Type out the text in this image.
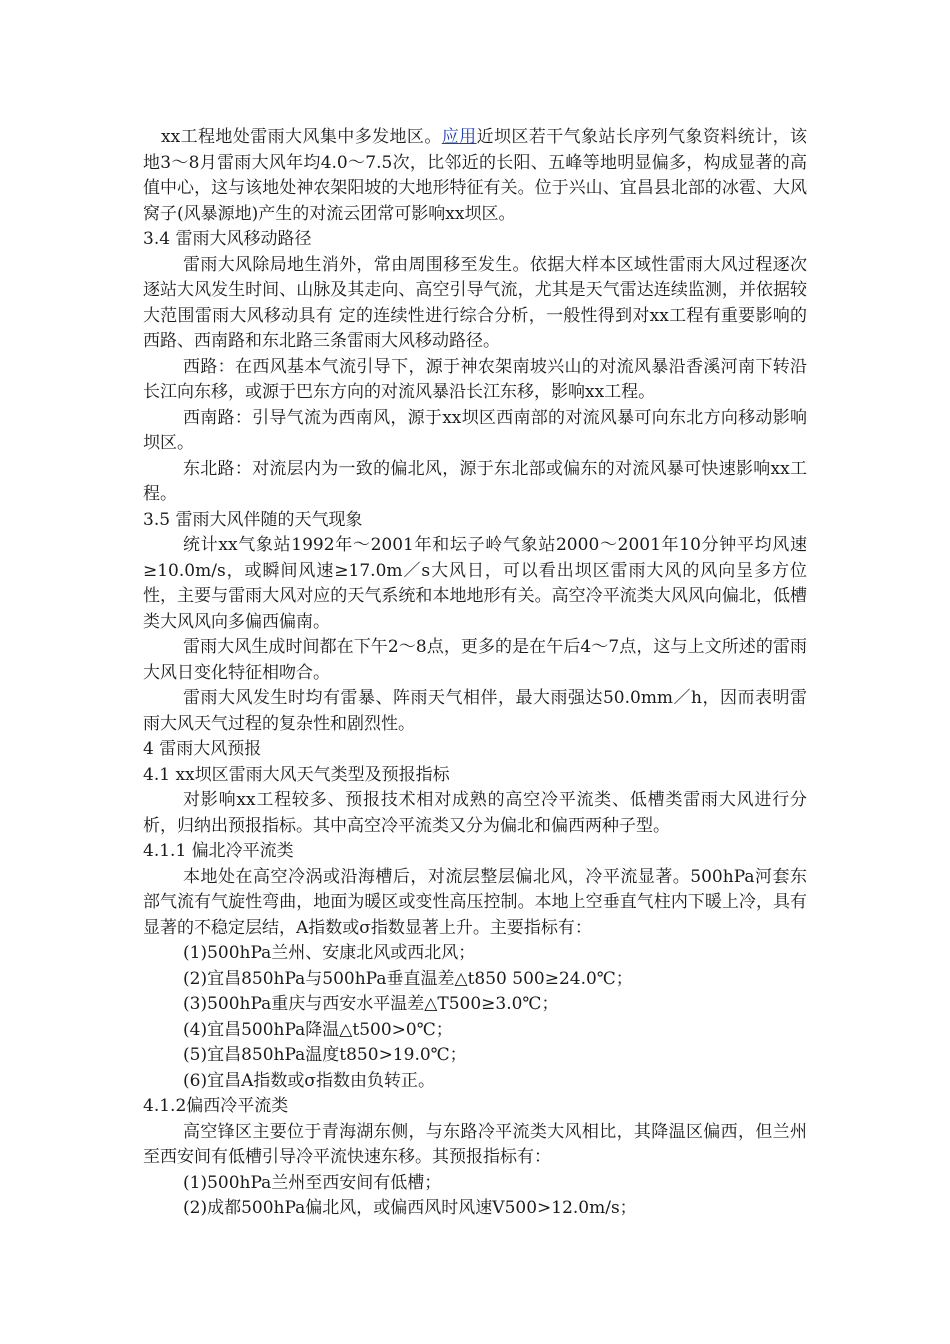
xx工程地处雷雨大风集中多发地区。应用近坝区若干气象站长序列气象资料统计，该地3～8月雷雨大风年均4.0～7.5次，比邻近的长阳、五峰等地明显偏多，构成显著的高值中心，这与该地处神农架阳坡的大地形特征有关。位于兴山、宜昌县北部的冰雹、大风窝子(风暴源地)产生的对流云团常可影响xx坝区。

3.4 雷雨大风移动路径

雷雨大风除局地生消外，常由周围移至发生。依据大样本区域性雷雨大风过程逐次逐站大风发生时间、山脉及其走向、高空引导气流，尤其是天气雷达连续监测，并依据较大范围雷雨大风移动具有 定的连续性进行综合分析，一般性得到对xx工程有重要影响的西路、西南路和东北路三条雷雨大风移动路径。

西路：在西风基本气流引导下，源于神农架南坡兴山的对流风暴沿香溪河南下转沿长江向东移，或源于巴东方向的对流风暴沿长江东移，影响xx工程。

西南路：引导气流为西南风，源于xx坝区西南部的对流风暴可向东北方向移动影响坝区。

东北路：对流层内为一致的偏北风，源于东北部或偏东的对流风暴可快速影响xx工程。

3.5 雷雨大风伴随的天气现象

统计xx气象站1992年～2001年和坛子岭气象站2000～2001年10分钟平均风速≥10.0m/s，或瞬间风速≥17.0m／s大风日，可以看出坝区雷雨大风的风向呈多方位性，主要与雷雨大风对应的天气系统和本地地形有关。高空冷平流类大风风向偏北，低槽类大风风向多偏西偏南。

雷雨大风生成时间都在下午2～8点，更多的是在午后4～7点，这与上文所述的雷雨大风日变化特征相吻合。

雷雨大风发生时均有雷暴、阵雨天气相伴，最大雨强达50.0mm／h，因而表明雷雨大风天气过程的复杂性和剧烈性。

4 雷雨大风预报

4.1 xx坝区雷雨大风天气类型及预报指标

对影响xx工程较多、预报技术相对成熟的高空冷平流类、低槽类雷雨大风进行分析，归纳出预报指标。其中高空冷平流类又分为偏北和偏西两种子型。

4.1.1 偏北冷平流类

本地处在高空冷涡或沿海槽后，对流层整层偏北风，冷平流显著。500hPa河套东部气流有气旋性弯曲，地面为暖区或变性高压控制。本地上空垂直气柱内下暖上冷，具有显著的不稳定层结，A指数或σ指数显著上升。主要指标有：

(1)500hPa兰州、安康北风或西北风；

(2)宜昌850hPa与500hPa垂直温差△t850 500≥24.0℃；

(3)500hPa重庆与西安水平温差△T500≥3.0℃；

(4)宜昌500hPa降温△t500>0℃；

(5)宜昌850hPa温度t850>19.0℃；

(6)宜昌A指数或σ指数由负转正。

4.1.2偏西冷平流类

高空锋区主要位于青海湖东侧，与东路冷平流类大风相比，其降温区偏西，但兰州至西安间有低槽引导冷平流快速东移。其预报指标有：

(1)500hPa兰州至西安间有低槽；

(2)成都500hPa偏北风，或偏西风时风速V500>12.0m/s；
